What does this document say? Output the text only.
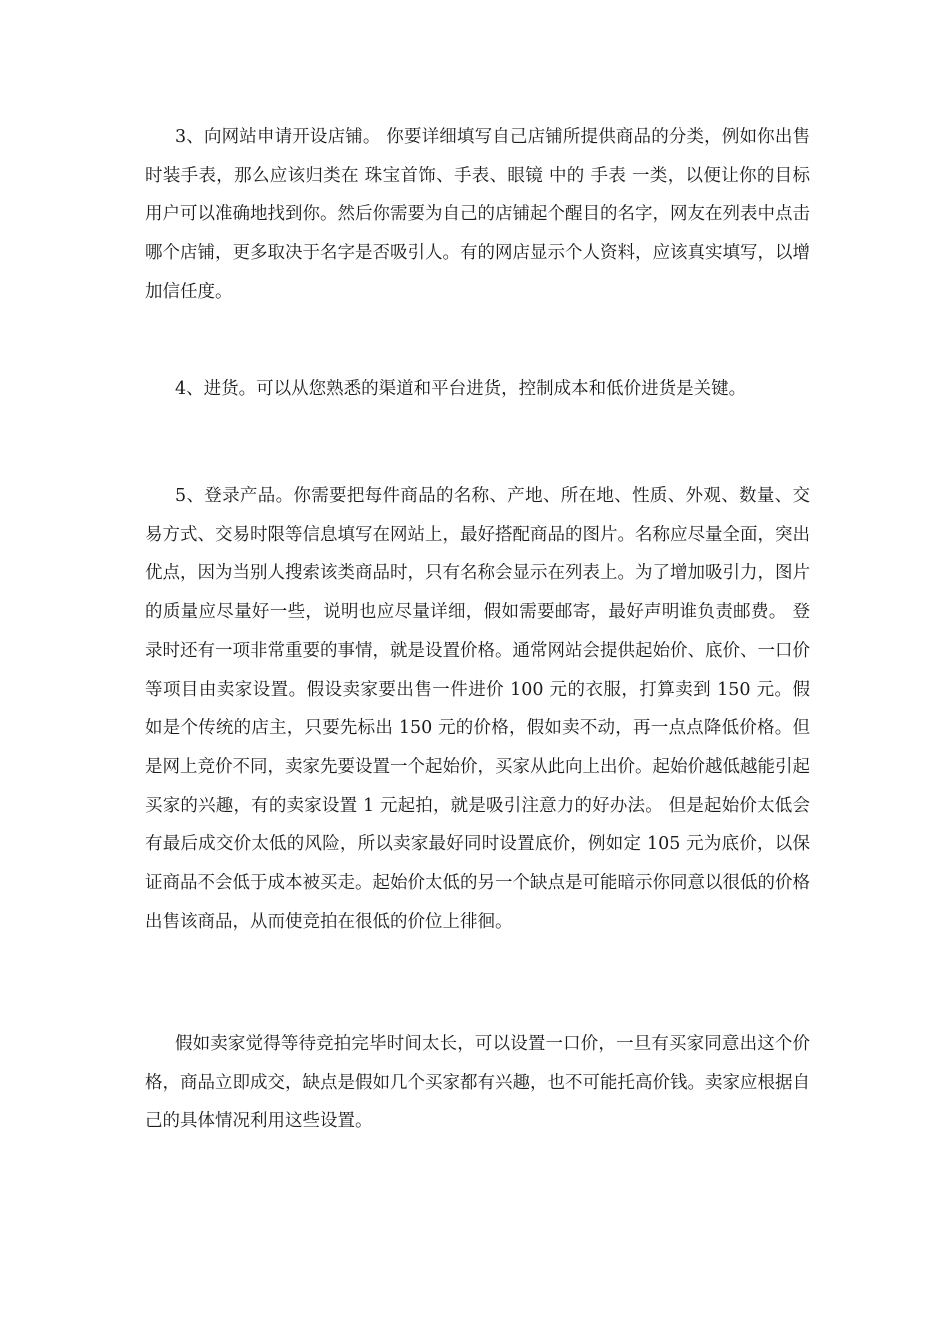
3、向网站申请开设店铺。 你要详细填写自己店铺所提供商品的分类，例如你出售时装手表，那么应该归类在 珠宝首饰、手表、眼镜 中的 手表 一类，以便让你的目标用户可以准确地找到你。然后你需要为自己的店铺起个醒目的名字，网友在列表中点击哪个店铺，更多取决于名字是否吸引人。有的网店显示个人资料，应该真实填写，以增加信任度。

4、进货。可以从您熟悉的渠道和平台进货，控制成本和低价进货是关键。

5、登录产品。你需要把每件商品的名称、产地、所在地、性质、外观、数量、交易方式、交易时限等信息填写在网站上，最好搭配商品的图片。名称应尽量全面，突出优点，因为当别人搜索该类商品时，只有名称会显示在列表上。为了增加吸引力，图片的质量应尽量好一些，说明也应尽量详细，假如需要邮寄，最好声明谁负责邮费。 登录时还有一项非常重要的事情，就是设置价格。通常网站会提供起始价、底价、一口价等项目由卖家设置。假设卖家要出售一件进价 100 元的衣服，打算卖到 150 元。假如是个传统的店主，只要先标出 150 元的价格，假如卖不动，再一点点降低价格。但是网上竞价不同，卖家先要设置一个起始价，买家从此向上出价。起始价越低越能引起买家的兴趣，有的卖家设置 1 元起拍，就是吸引注意力的好办法。 但是起始价太低会有最后成交价太低的风险，所以卖家最好同时设置底价，例如定 105 元为底价，以保证商品不会低于成本被买走。起始价太低的另一个缺点是可能暗示你同意以很低的价格出售该商品，从而使竞拍在很低的价位上徘徊。

假如卖家觉得等待竞拍完毕时间太长，可以设置一口价，一旦有买家同意出这个价格，商品立即成交，缺点是假如几个买家都有兴趣，也不可能托高价钱。卖家应根据自己的具体情况利用这些设置。
